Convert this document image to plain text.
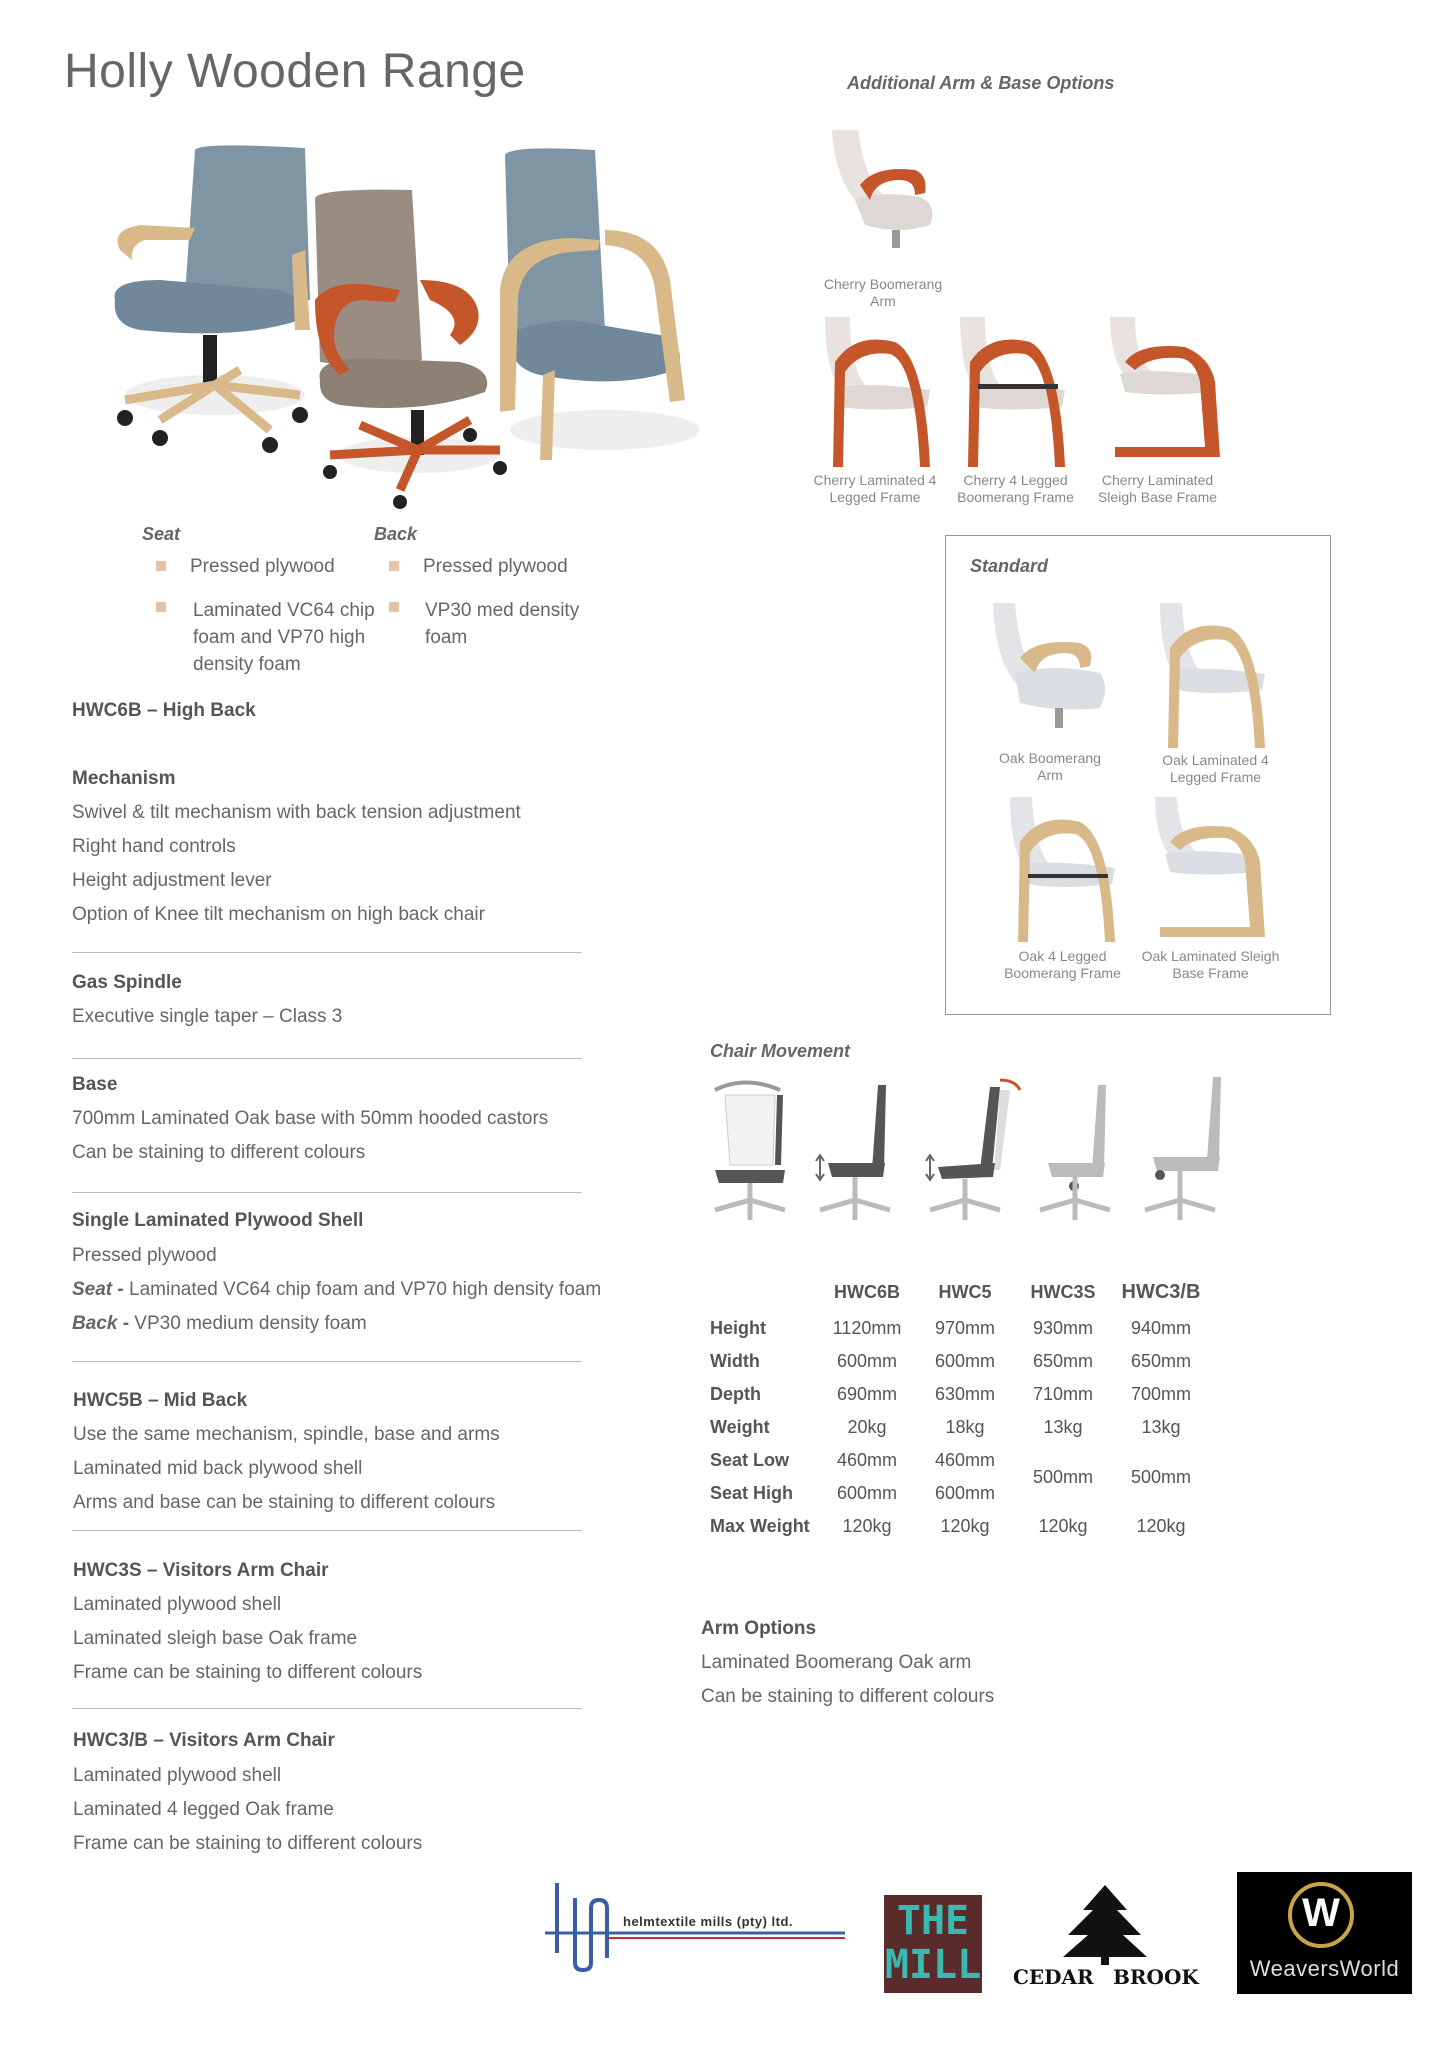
Holly Wooden Range	Additional Arm & Base Options
Cherry Boomerang Arm
Cherry Laminated 4 Legged Frame
Cherry 4 Legged Boomerang Frame
Cherry Laminated Sleigh Base Frame
Seat	Back
Pressed plywood
Laminated VC64 chip foam and VP70 high density foam
Pressed plywood
VP30 med density foam
Standard
Oak Boomerang Arm
Oak Laminated 4 Legged Frame
Oak 4 Legged Boomerang Frame
Oak Laminated Sleigh Base Frame
HWC6B – High Back
Mechanism
Swivel & tilt mechanism with back tension adjustment
Right hand controls
Height adjustment lever
Option of Knee tilt mechanism on high back chair
Gas Spindle
Executive single taper – Class 3
Base
700mm Laminated Oak base with 50mm hooded castors
Can be staining to different colours
Single Laminated Plywood Shell
Pressed plywood
Seat - Laminated VC64 chip foam and VP70 high density foam
Back - VP30 medium density foam
HWC5B – Mid Back
Use the same mechanism, spindle, base and arms
Laminated mid back plywood shell
Arms and base can be staining to different colours
HWC3S – Visitors Arm Chair
Laminated plywood shell
Laminated sleigh base Oak frame
Frame can be staining to different colours
HWC3/B – Visitors Arm Chair
Laminated plywood shell
Laminated 4 legged Oak frame
Frame can be staining to different colours
Chair Movement
	HWC6B	HWC5	HWC3S	HWC3/B
Height	1120mm	970mm	930mm	940mm
Width	600mm	600mm	650mm	650mm
Depth	690mm	630mm	710mm	700mm
Weight	20kg	18kg	13kg	13kg
Seat Low	460mm	460mm	500mm	500mm
Seat High	600mm	600mm		
Max Weight	120kg	120kg	120kg	120kg
Arm Options
Laminated Boomerang Oak arm
Can be staining to different colours
helmtextile mills (pty) ltd.	THE
MILL CEDAR BROOK
W
WeaversWorld
